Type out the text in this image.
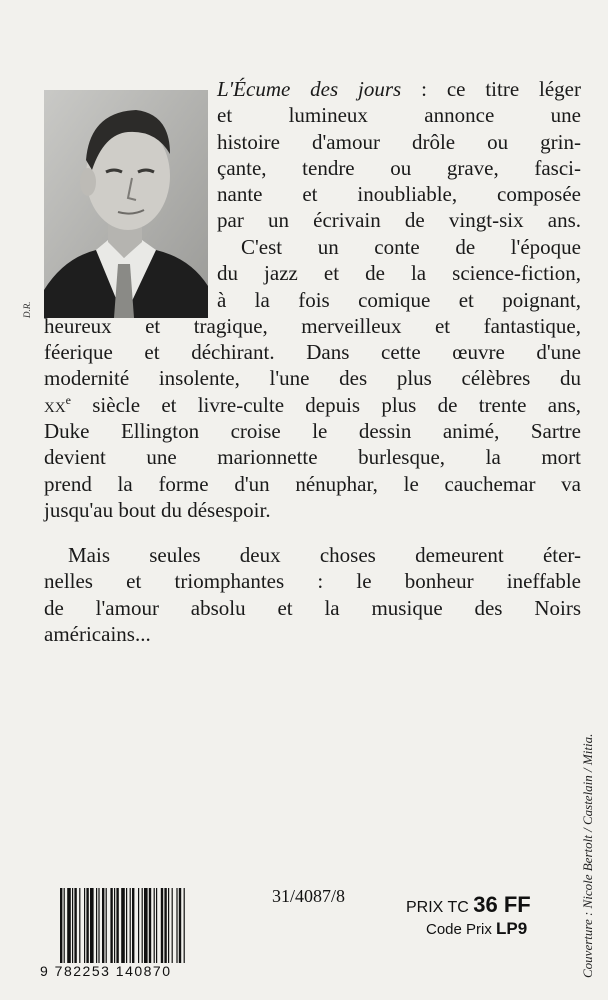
D.R.
L'Écume des jours : ce titre léger
et lumineux annonce une
histoire d'amour drôle ou grin-
çante, tendre ou grave, fasci-
nante et inoubliable, composée
par un écrivain de vingt-six ans.
C'est un conte de l'époque
du jazz et de la science-fiction,
à la fois comique et poignant,
heureux et tragique, merveilleux et fantastique,
féerique et déchirant. Dans cette œuvre d'une
modernité insolente, l'une des plus célèbres du
$xx^e$ siècle et livre-culte depuis plus de trente ans,
Duke Ellington croise le dessin animé, Sartre
devient une marionnette burlesque, la mort
prend la forme d'un nénuphar, le cauchemar va
jusqu'au bout du désespoir.
Mais seules deux choses demeurent éter-
nelles et triomphantes : le bonheur ineffable
de l'amour absolu et la musique des Noirs
américains...
Couverture : Nicole Bertolt / Castelain / Mitia.
9 782253 140870
31/4087/8
PRIX TC 36 FF
Code Prix LP9
